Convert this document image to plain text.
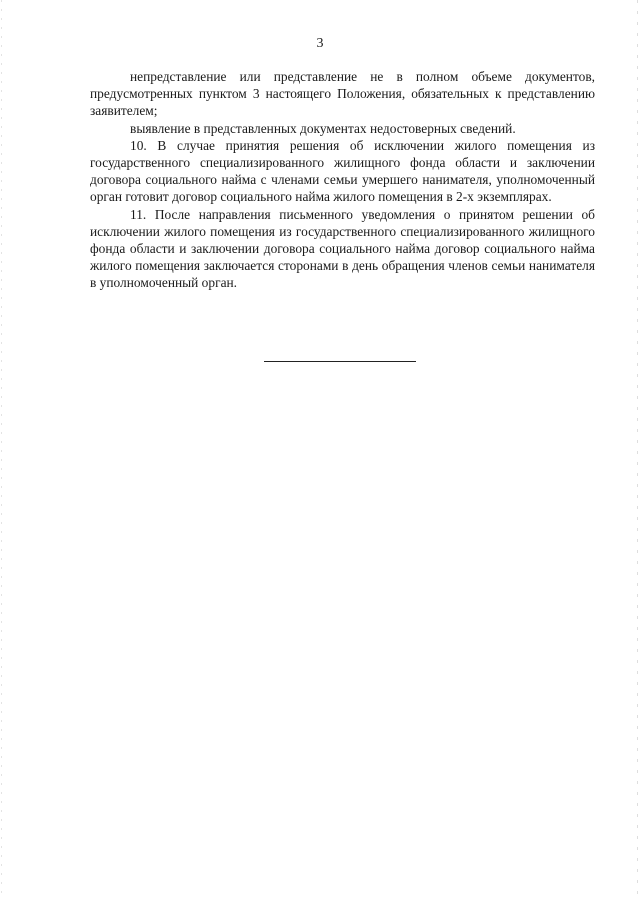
3

непредставление или представление не в полном объеме документов, предусмотренных пунктом 3 настоящего Положения, обязательных к представлению заявителем;

выявление в представленных документах недостоверных сведений.

10. В случае принятия решения об исключении жилого помещения из государственного специализированного жилищного фонда области и заключении договора социального найма с членами семьи умершего нанимателя, уполномоченный орган готовит договор социального найма жилого помещения в 2-х экземплярах.

11. После направления письменного уведомления о принятом решении об исключении жилого помещения из государственного специализированного жилищного фонда области и заключении договора социального найма договор социального найма жилого помещения заключается сторонами в день обращения членов семьи нанимателя в уполномоченный орган.
